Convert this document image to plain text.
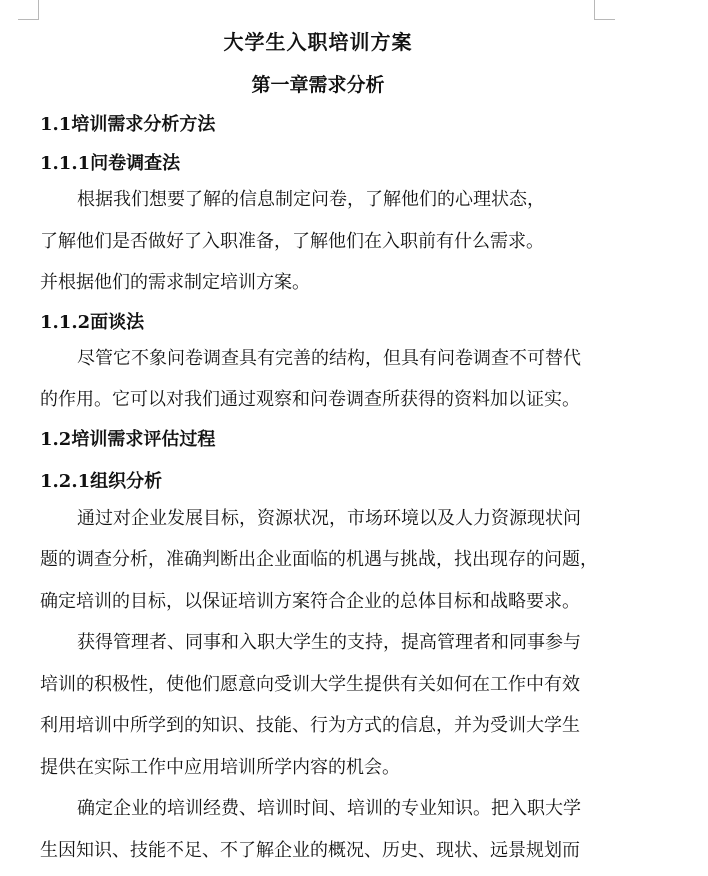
大学生入职培训方案
第一章需求分析
1.1培训需求分析方法
1.1.1问卷调查法
根据我们想要了解的信息制定问卷，了解他们的心理状态，
了解他们是否做好了入职准备，了解他们在入职前有什么需求。
并根据他们的需求制定培训方案。
1.1.2面谈法
尽管它不象问卷调查具有完善的结构，但具有问卷调查不可替代
的作用。它可以对我们通过观察和问卷调查所获得的资料加以证实。
1.2培训需求评估过程
1.2.1组织分析
通过对企业发展目标，资源状况，市场环境以及人力资源现状问
题的调查分析，准确判断出企业面临的机遇与挑战，找出现存的问题，
确定培训的目标，以保证培训方案符合企业的总体目标和战略要求。
获得管理者、同事和入职大学生的支持，提高管理者和同事参与
培训的积极性，使他们愿意向受训大学生提供有关如何在工作中有效
利用培训中所学到的知识、技能、行为方式的信息，并为受训大学生
提供在实际工作中应用培训所学内容的机会。
确定企业的培训经费、培训时间、培训的专业知识。把入职大学
生因知识、技能不足、不了解企业的概况、历史、现状、远景规划而
